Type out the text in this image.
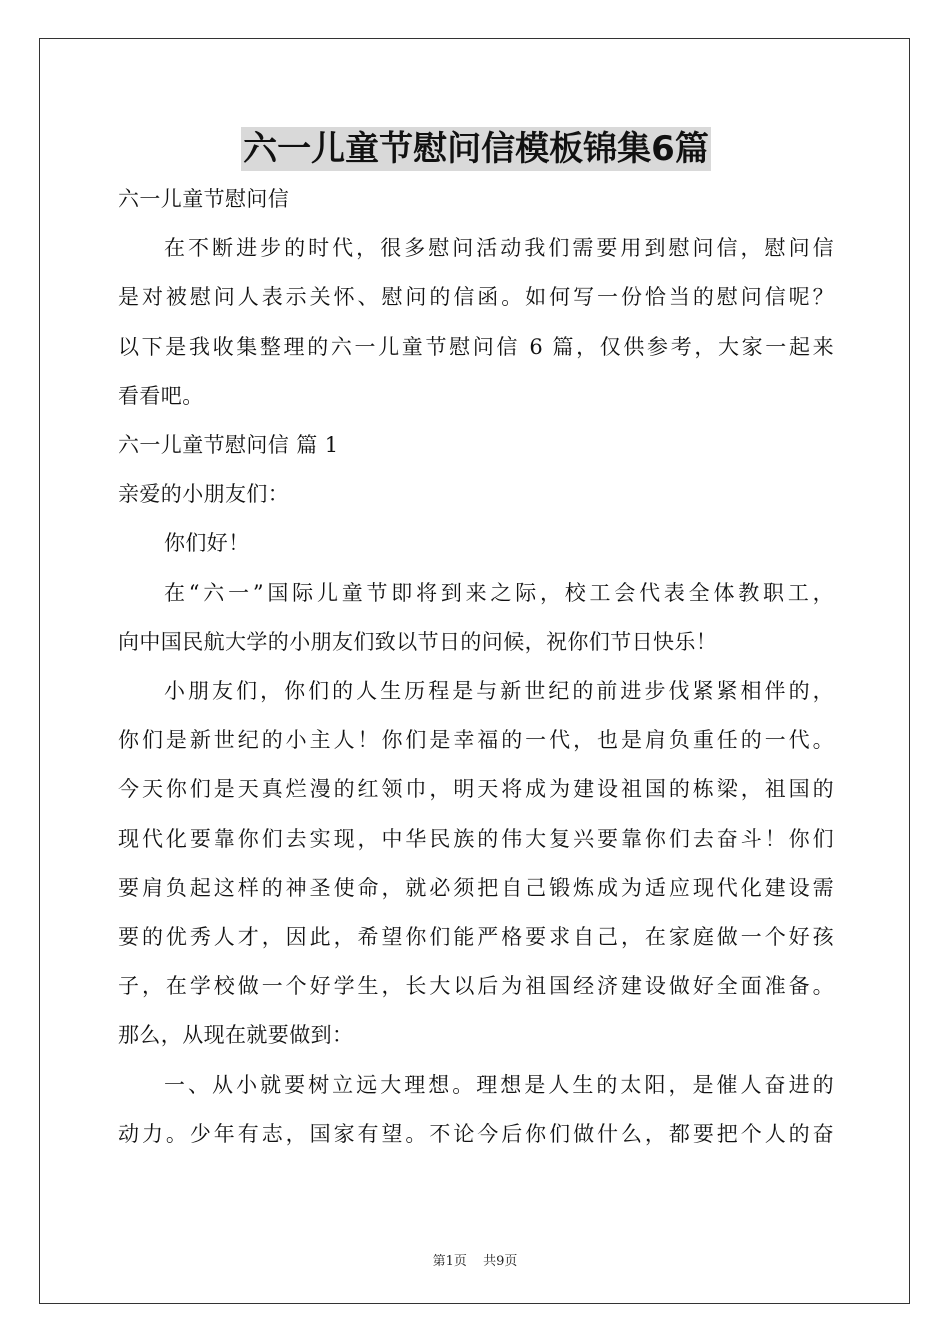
六一儿童节慰问信模板锦集6篇
六一儿童节慰问信
在不断进步的时代，很多慰问活动我们需要用到慰问信，慰问信
是对被慰问人表示关怀、慰问的信函。如何写一份恰当的慰问信呢？
以下是我收集整理的六一儿童节慰问信 6 篇，仅供参考，大家一起来
看看吧。
六一儿童节慰问信 篇 1
亲爱的小朋友们：
你们好！
在“六一”国际儿童节即将到来之际，校工会代表全体教职工，
向中国民航大学的小朋友们致以节日的问候，祝你们节日快乐！
小朋友们，你们的人生历程是与新世纪的前进步伐紧紧相伴的，
你们是新世纪的小主人！你们是幸福的一代，也是肩负重任的一代。
今天你们是天真烂漫的红领巾，明天将成为建设祖国的栋梁，祖国的
现代化要靠你们去实现，中华民族的伟大复兴要靠你们去奋斗！你们
要肩负起这样的神圣使命，就必须把自己锻炼成为适应现代化建设需
要的优秀人才，因此，希望你们能严格要求自己，在家庭做一个好孩
子，在学校做一个好学生，长大以后为祖国经济建设做好全面准备。
那么，从现在就要做到：
一、从小就要树立远大理想。理想是人生的太阳，是催人奋进的
动力。少年有志，国家有望。不论今后你们做什么，都要把个人的奋
第1页 共9页
